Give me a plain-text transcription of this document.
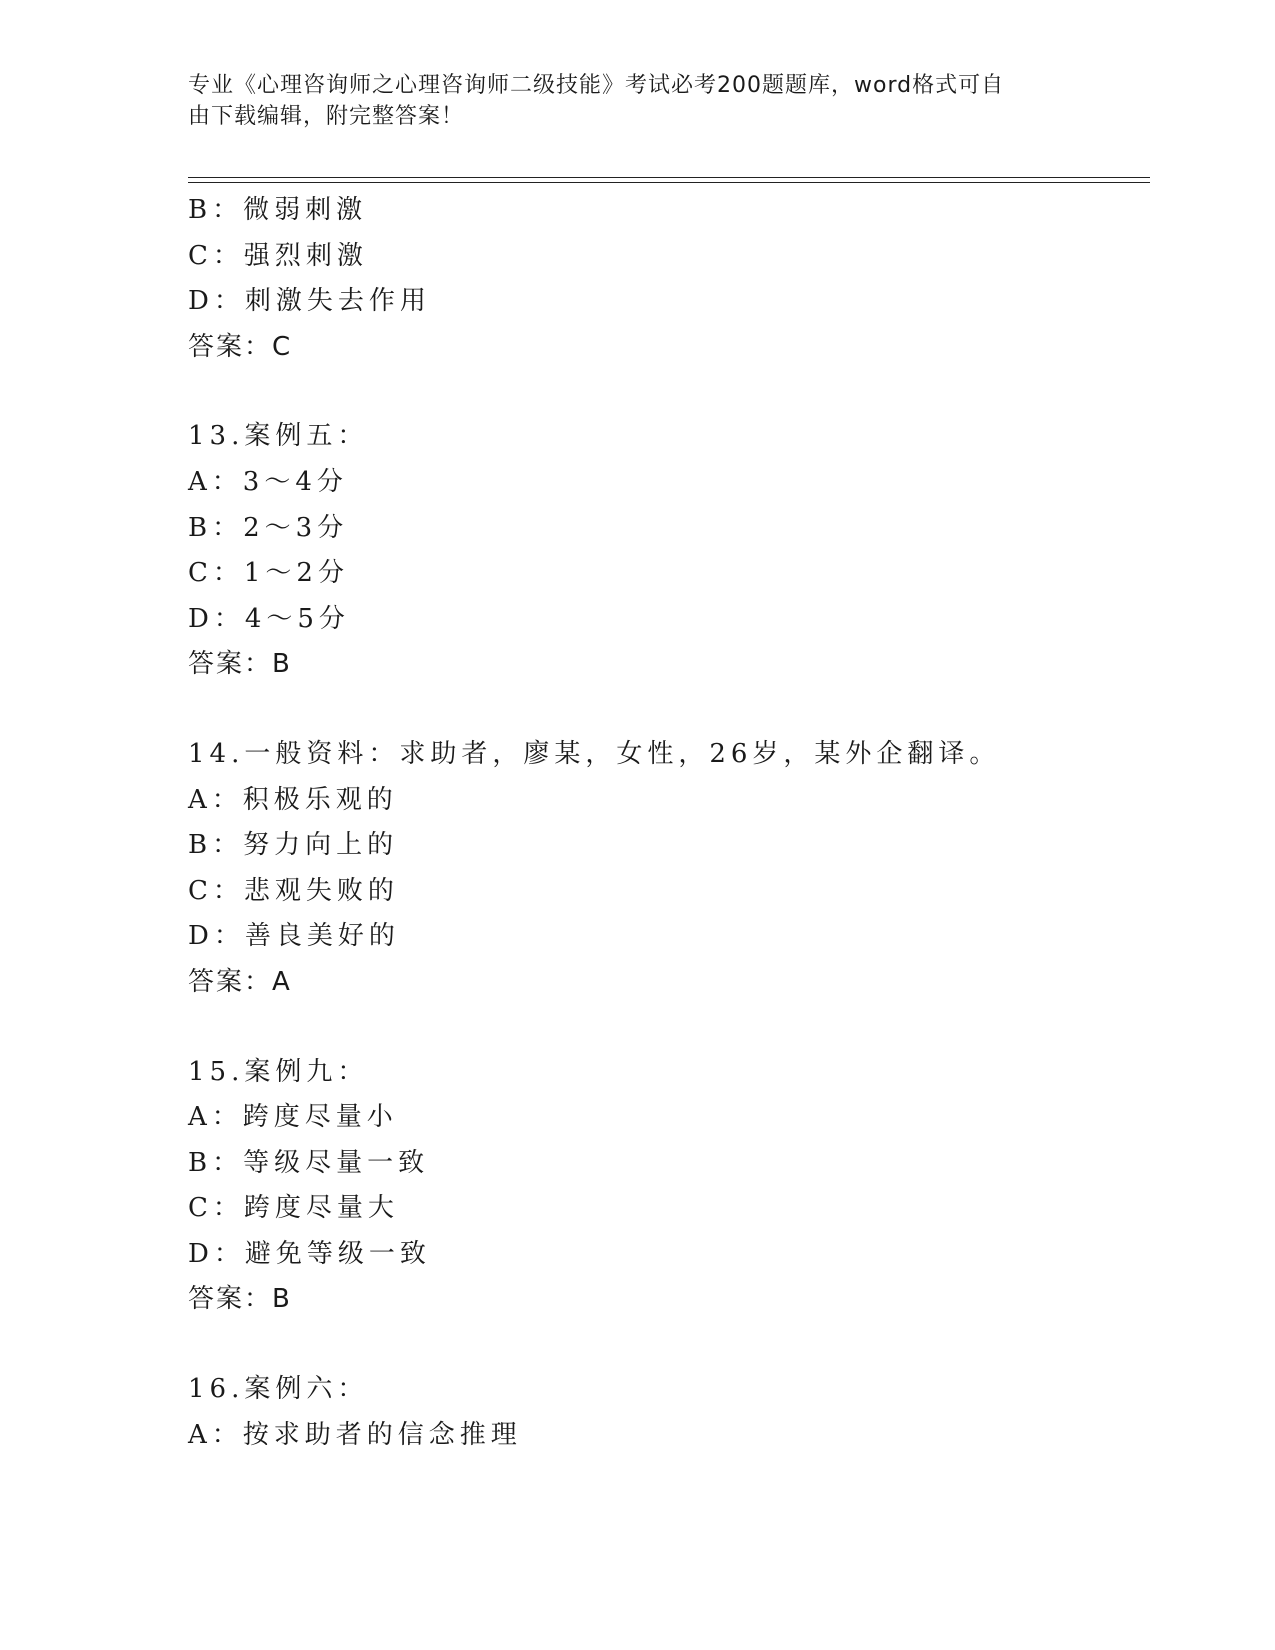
专业《心理咨询师之心理咨询师二级技能》考试必考200题题库，word格式可自
由下载编辑，附完整答案！
B：微弱刺激
C：强烈刺激
D：刺激失去作用
答案：C
13.案例五：
A：3～4分
B：2～3分
C：1～2分
D：4～5分
答案：B
14.一般资料：求助者，廖某，女性，26岁，某外企翻译。
A：积极乐观的
B：努力向上的
C：悲观失败的
D：善良美好的
答案：A
15.案例九：
A：跨度尽量小
B：等级尽量一致
C：跨度尽量大
D：避免等级一致
答案：B
16.案例六：
A：按求助者的信念推理
